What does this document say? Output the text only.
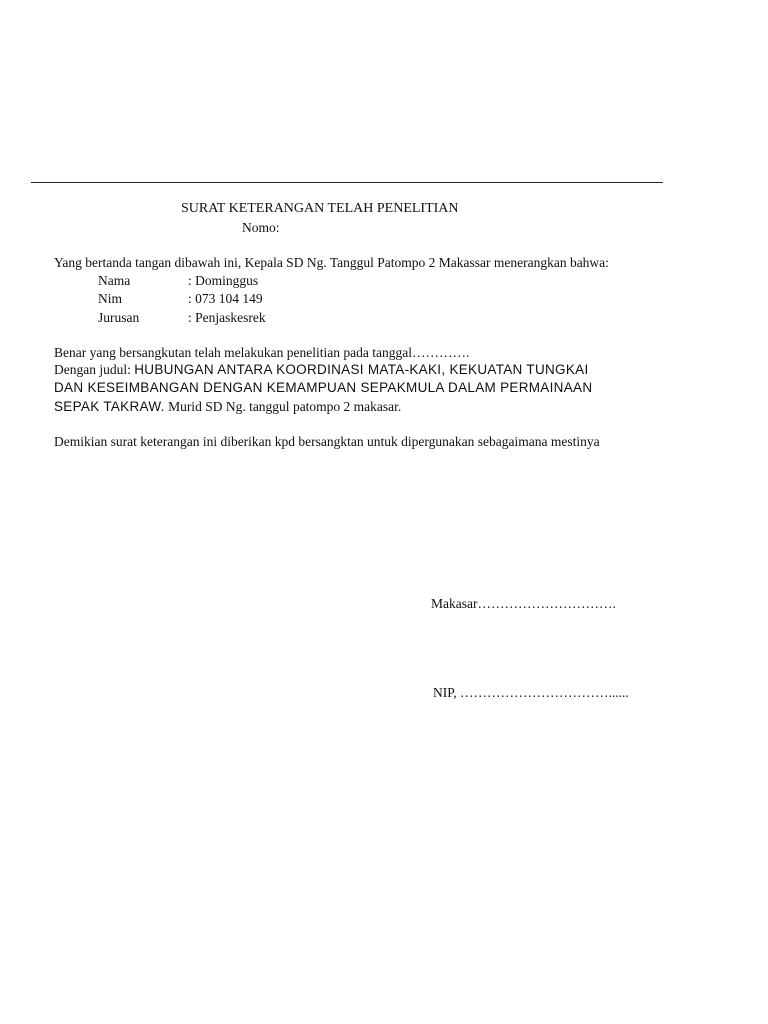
SURAT KETERANGAN TELAH PENELITIAN
Nomo:
Yang bertanda tangan dibawah ini, Kepala SD Ng. Tanggul Patompo 2 Makassar menerangkan bahwa:
Nama	: Dominggus
Nim	: 073 104 149
Jurusan	: Penjaskesrek
Benar yang bersangkutan telah melakukan penelitian pada tanggal………….
Dengan judul: HUBUNGAN ANTARA KOORDINASI MATA-KAKI, KEKUATAN TUNGKAI
DAN KESEIMBANGAN DENGAN KEMAMPUAN SEPAKMULA DALAM PERMAINAAN
SEPAK TAKRAW. Murid SD Ng. tanggul patompo 2 makasar.
Demikian surat keterangan ini diberikan kpd bersangktan untuk dipergunakan sebagaimana mestinya
Makasar………………………….
NIP, ……………………………......
